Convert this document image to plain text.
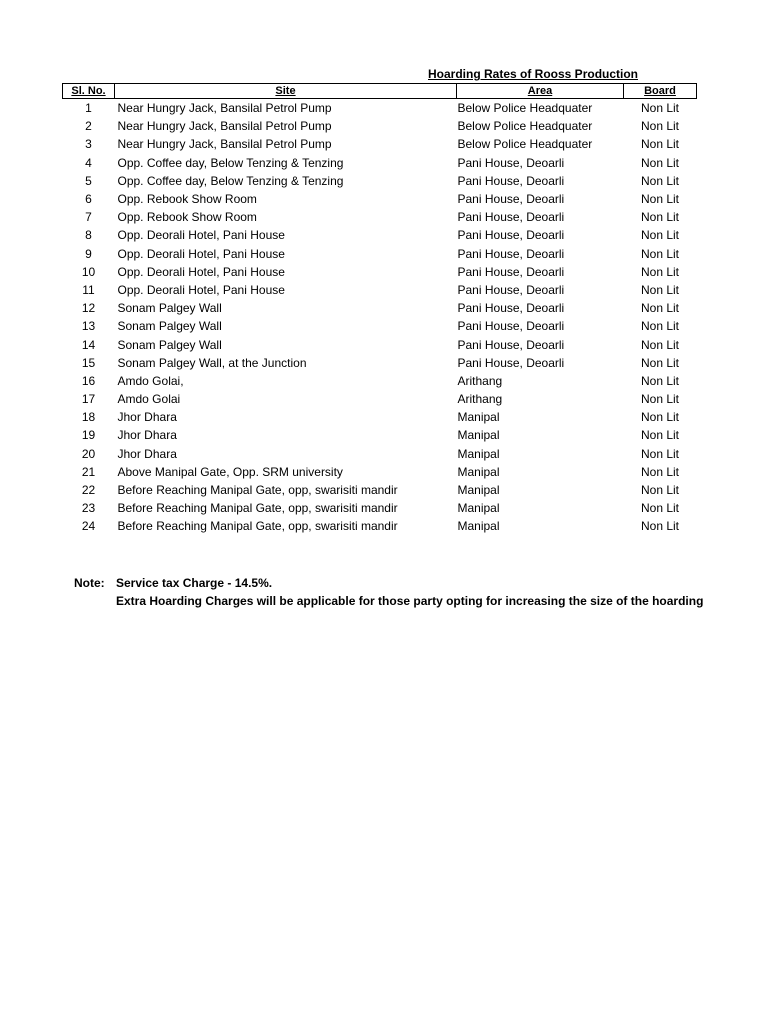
Hoarding Rates of Rooss Production
Sl. No.	Site	Area	Board
1	Near Hungry Jack, Bansilal Petrol Pump	Below Police Headquater	Non Lit
2	Near Hungry Jack, Bansilal Petrol Pump	Below Police Headquater	Non Lit
3	Near Hungry Jack, Bansilal Petrol Pump	Below Police Headquater	Non Lit
4	Opp. Coffee day, Below Tenzing & Tenzing	Pani House, Deoarli	Non Lit
5	Opp. Coffee day, Below Tenzing & Tenzing	Pani House, Deoarli	Non Lit
6	Opp. Rebook Show Room	Pani House, Deoarli	Non Lit
7	Opp. Rebook Show Room	Pani House, Deoarli	Non Lit
8	Opp. Deorali Hotel, Pani House	Pani House, Deoarli	Non Lit
9	Opp. Deorali Hotel, Pani House	Pani House, Deoarli	Non Lit
10	Opp. Deorali Hotel, Pani House	Pani House, Deoarli	Non Lit
11	Opp. Deorali Hotel, Pani House	Pani House, Deoarli	Non Lit
12	Sonam Palgey Wall	Pani House, Deoarli	Non Lit
13	Sonam Palgey Wall	Pani House, Deoarli	Non Lit
14	Sonam Palgey Wall	Pani House, Deoarli	Non Lit
15	Sonam Palgey Wall, at the Junction	Pani House, Deoarli	Non Lit
16	Amdo Golai,	Arithang	Non Lit
17	Amdo Golai	Arithang	Non Lit
18	Jhor Dhara	Manipal	Non Lit
19	Jhor Dhara	Manipal	Non Lit
20	Jhor Dhara	Manipal	Non Lit
21	Above Manipal Gate, Opp. SRM university	Manipal	Non Lit
22	Before Reaching Manipal Gate, opp, swarisiti mandir	Manipal	Non Lit
23	Before Reaching Manipal Gate, opp, swarisiti mandir	Manipal	Non Lit
24	Before Reaching Manipal Gate, opp, swarisiti mandir	Manipal	Non Lit
Note: Service tax Charge - 14.5%.
Extra Hoarding Charges will be applicable for those party opting for increasing the size of the hoarding
